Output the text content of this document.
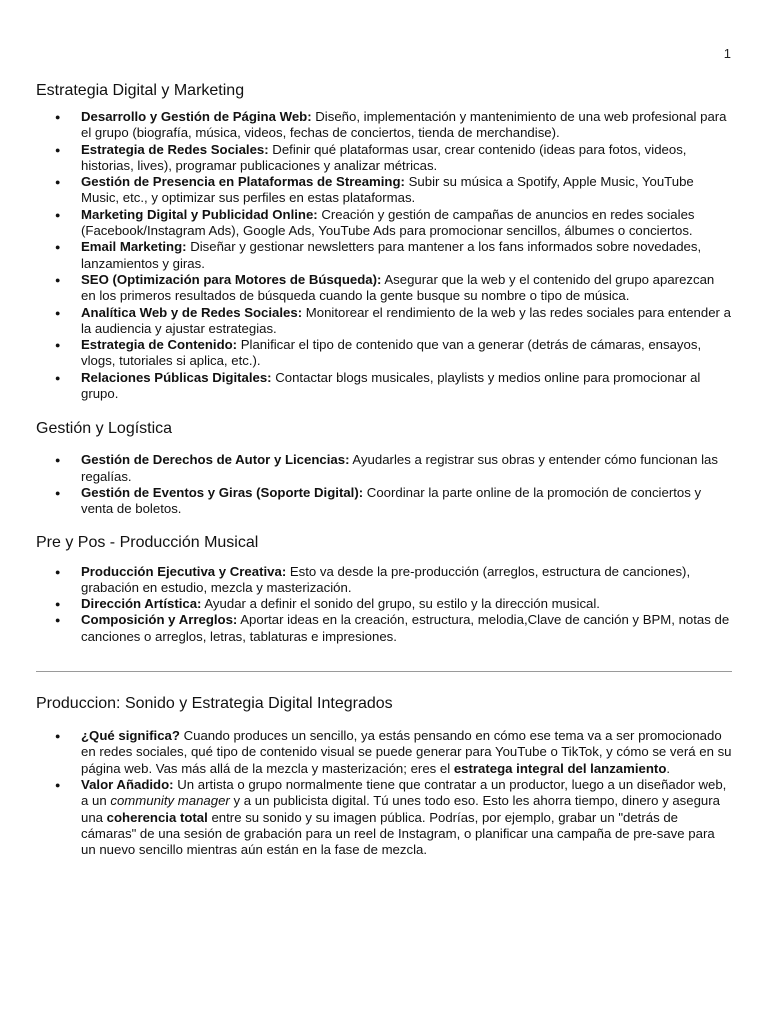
1
Estrategia Digital y Marketing
● Desarrollo y Gestión de Página Web: Diseño, implementación y mantenimiento de una web profesional para el grupo (biografía, música, videos, fechas de conciertos, tienda de merchandise).
● Estrategia de Redes Sociales: Definir qué plataformas usar, crear contenido (ideas para fotos, videos, historias, lives), programar publicaciones y analizar métricas.
● Gestión de Presencia en Plataformas de Streaming: Subir su música a Spotify, Apple Music, YouTube Music, etc., y optimizar sus perfiles en estas plataformas.
● Marketing Digital y Publicidad Online: Creación y gestión de campañas de anuncios en redes sociales (Facebook/Instagram Ads), Google Ads, YouTube Ads para promocionar sencillos, álbumes o conciertos.
● Email Marketing: Diseñar y gestionar newsletters para mantener a los fans informados sobre novedades, lanzamientos y giras.
● SEO (Optimización para Motores de Búsqueda): Asegurar que la web y el contenido del grupo aparezcan en los primeros resultados de búsqueda cuando la gente busque su nombre o tipo de música.
● Analítica Web y de Redes Sociales: Monitorear el rendimiento de la web y las redes sociales para entender a la audiencia y ajustar estrategias.
● Estrategia de Contenido: Planificar el tipo de contenido que van a generar (detrás de cámaras, ensayos, vlogs, tutoriales si aplica, etc.).
● Relaciones Públicas Digitales: Contactar blogs musicales, playlists y medios online para promocionar al grupo.
Gestión y Logística
● Gestión de Derechos de Autor y Licencias: Ayudarles a registrar sus obras y entender cómo funcionan las regalías.
● Gestión de Eventos y Giras (Soporte Digital): Coordinar la parte online de la promoción de conciertos y venta de boletos.
Pre y Pos - Producción Musical
● Producción Ejecutiva y Creativa: Esto va desde la pre-producción (arreglos, estructura de canciones), grabación en estudio, mezcla y masterización.
● Dirección Artística: Ayudar a definir el sonido del grupo, su estilo y la dirección musical.
● Composición y Arreglos: Aportar ideas en la creación, estructura, melodia,Clave de canción y BPM, notas de canciones o arreglos, letras, tablaturas e impresiones.
Produccion: Sonido y Estrategia Digital Integrados
● ¿Qué significa? Cuando produces un sencillo, ya estás pensando en cómo ese tema va a ser promocionado en redes sociales, qué tipo de contenido visual se puede generar para YouTube o TikTok, y cómo se verá en su página web. Vas más allá de la mezcla y masterización; eres el estratega integral del lanzamiento.
● Valor Añadido: Un artista o grupo normalmente tiene que contratar a un productor, luego a un diseñador web, a un community manager y a un publicista digital. Tú unes todo eso. Esto les ahorra tiempo, dinero y asegura una coherencia total entre su sonido y su imagen pública. Podrías, por ejemplo, grabar un "detrás de cámaras" de una sesión de grabación para un reel de Instagram, o planificar una campaña de pre-save para un nuevo sencillo mientras aún están en la fase de mezcla.
